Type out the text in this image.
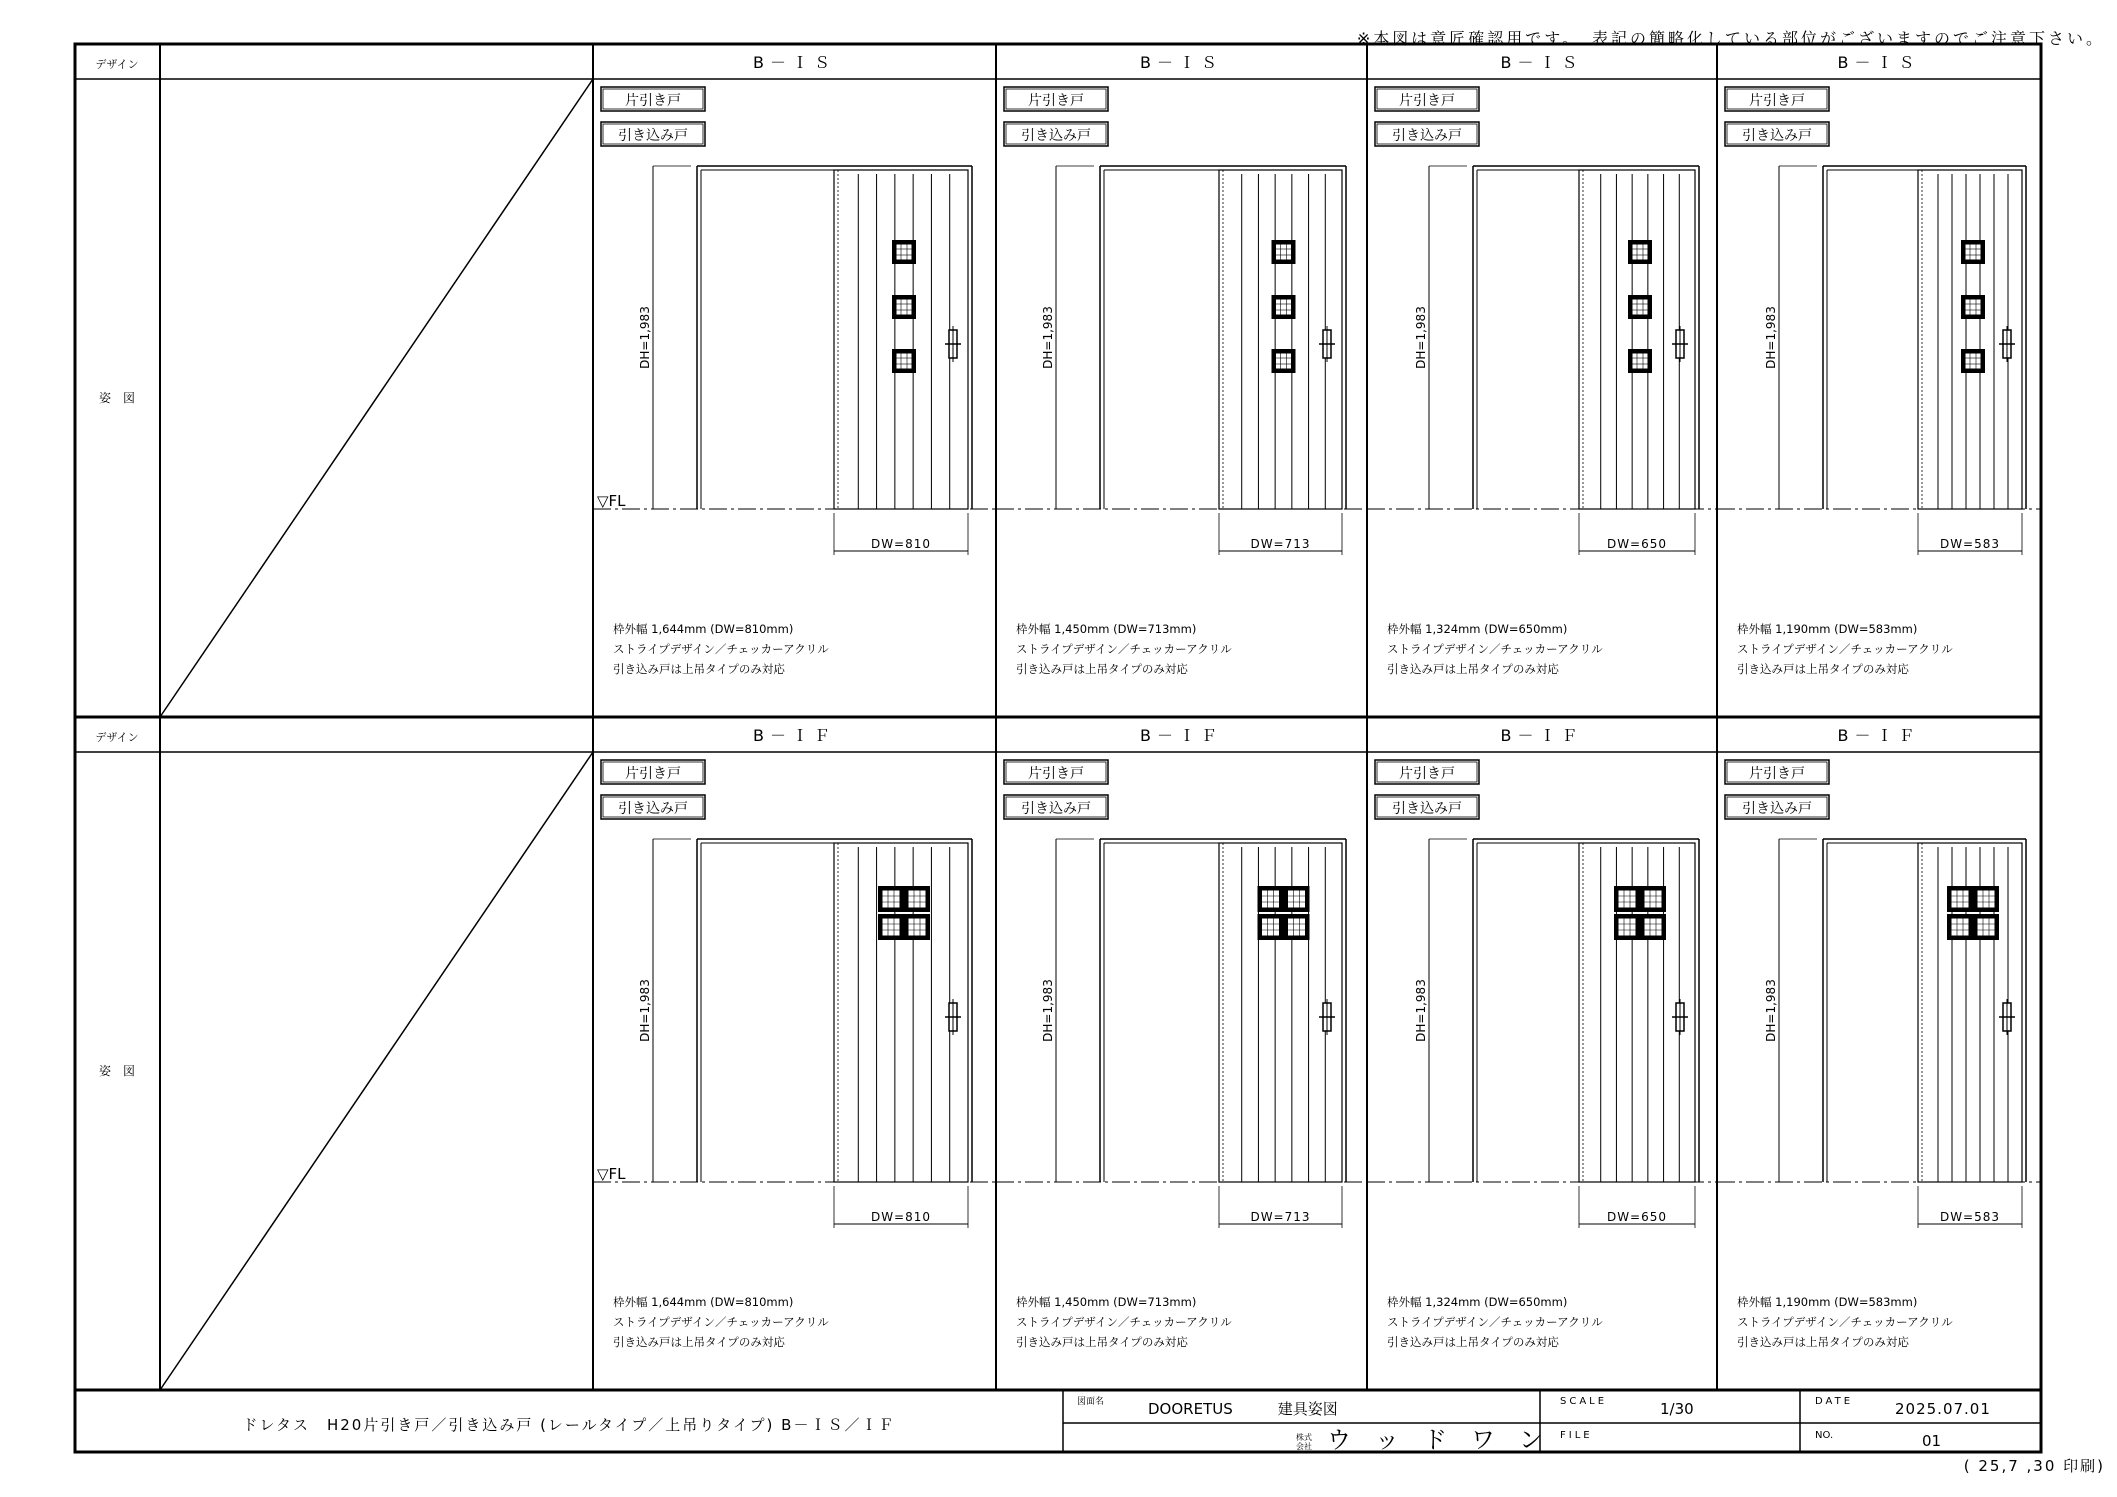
※本図は意匠確認用です。　表記の簡略化している部位がございますのでご注意下さい。
デザイン
姿　図
B－ＩＳ
片引き戸
引き込み戸
DH=1,983
▽FL
DW=810
枠外幅 1,644mm (DW=810mm)
ストライプデザイン／チェッカーアクリル
引き込み戸は上吊タイプのみ対応
B－ＩＳ
片引き戸
引き込み戸
DH=1,983
DW=713
枠外幅 1,450mm (DW=713mm)
ストライプデザイン／チェッカーアクリル
引き込み戸は上吊タイプのみ対応
B－ＩＳ
片引き戸
引き込み戸
DH=1,983
DW=650
枠外幅 1,324mm (DW=650mm)
ストライプデザイン／チェッカーアクリル
引き込み戸は上吊タイプのみ対応
B－ＩＳ
片引き戸
引き込み戸
DH=1,983
DW=583
枠外幅 1,190mm (DW=583mm)
ストライプデザイン／チェッカーアクリル
引き込み戸は上吊タイプのみ対応
デザイン
姿　図
B－ＩＦ
片引き戸
引き込み戸
DH=1,983
▽FL
DW=810
枠外幅 1,644mm (DW=810mm)
ストライプデザイン／チェッカーアクリル
引き込み戸は上吊タイプのみ対応
B－ＩＦ
片引き戸
引き込み戸
DH=1,983
DW=713
枠外幅 1,450mm (DW=713mm)
ストライプデザイン／チェッカーアクリル
引き込み戸は上吊タイプのみ対応
B－ＩＦ
片引き戸
引き込み戸
DH=1,983
DW=650
枠外幅 1,324mm (DW=650mm)
ストライプデザイン／チェッカーアクリル
引き込み戸は上吊タイプのみ対応
B－ＩＦ
片引き戸
引き込み戸
DH=1,983
DW=583
枠外幅 1,190mm (DW=583mm)
ストライプデザイン／チェッカーアクリル
引き込み戸は上吊タイプのみ対応
ドレタス　H20片引き戸／引き込み戸 (レールタイプ／上吊りタイプ) B－ＩＳ／ＩＦ
図面名	DOORETUS　　　建具姿図
株式
会社 ウ　ッ　ド　ワ　ン
SCALE	1/30
FILE
DATE	2025.07.01
NO.	01
( 25,7 ,30 印刷)
